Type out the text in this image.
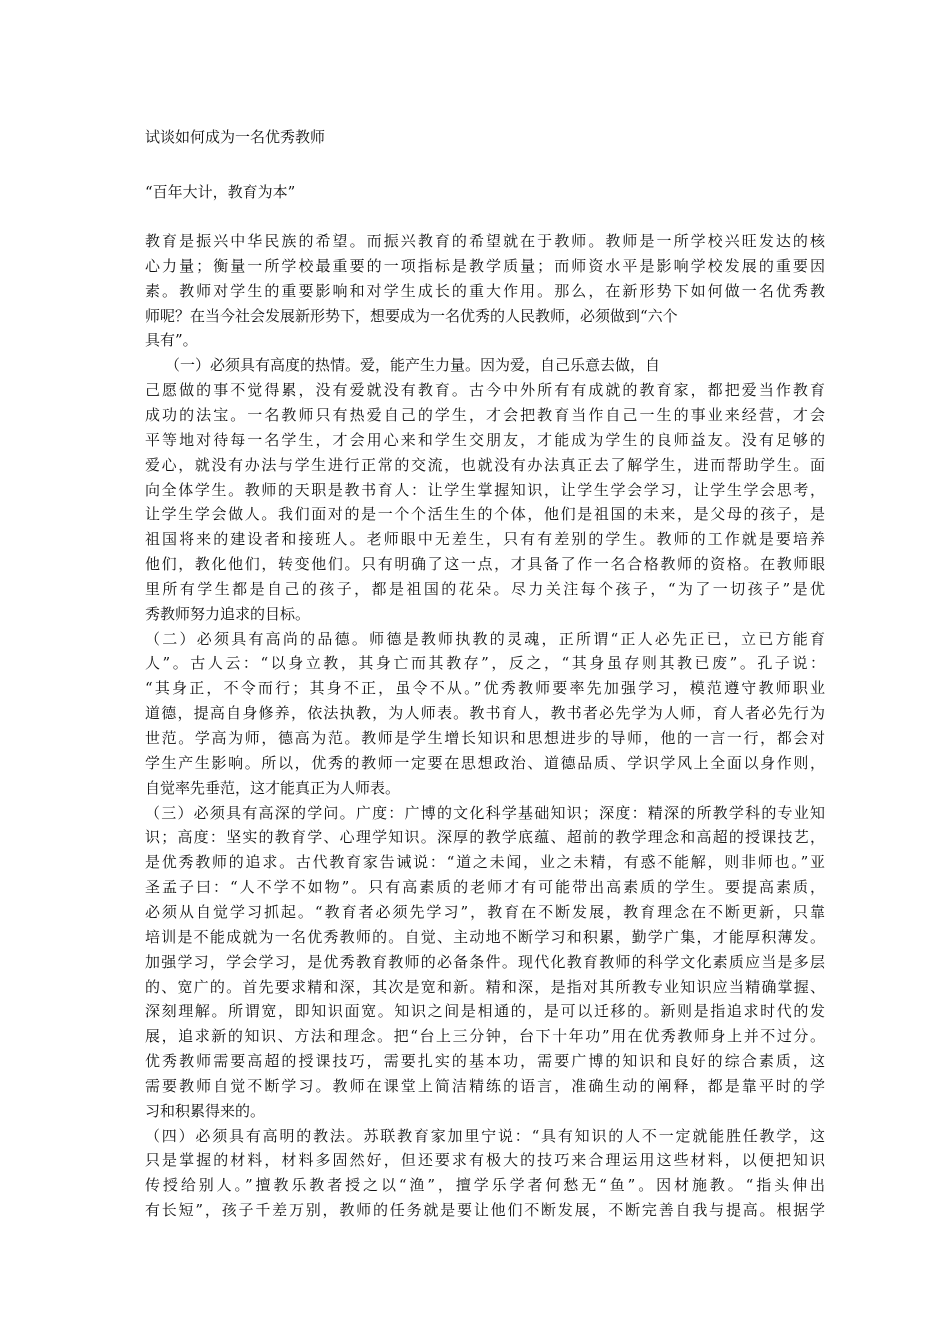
试谈如何成为一名优秀教师
“百年大计，教育为本”
教育是振兴中华民族的希望。而振兴教育的希望就在于教师。教师是一所学校兴旺发达的核
心力量；衡量一所学校最重要的一项指标是教学质量；而师资水平是影响学校发展的重要因
素。教师对学生的重要影响和对学生成长的重大作用。那么，在新形势下如何做一名优秀教
师呢？在当今社会发展新形势下，想要成为一名优秀的人民教师，必须做到“六个
具有”。
（一）必须具有高度的热情。爱，能产生力量。因为爱，自己乐意去做，自
己愿做的事不觉得累，没有爱就没有教育。古今中外所有有成就的教育家，都把爱当作教育
成功的法宝。一名教师只有热爱自己的学生，才会把教育当作自己一生的事业来经营，才会
平等地对待每一名学生，才会用心来和学生交朋友，才能成为学生的良师益友。没有足够的
爱心，就没有办法与学生进行正常的交流，也就没有办法真正去了解学生，进而帮助学生。面
向全体学生。教师的天职是教书育人：让学生掌握知识，让学生学会学习，让学生学会思考，
让学生学会做人。我们面对的是一个个活生生的个体，他们是祖国的未来，是父母的孩子，是
祖国将来的建设者和接班人。老师眼中无差生，只有有差别的学生。教师的工作就是要培养
他们，教化他们，转变他们。只有明确了这一点，才具备了作一名合格教师的资格。在教师眼
里所有学生都是自己的孩子，都是祖国的花朵。尽力关注每个孩子，“为了一切孩子”是优
秀教师努力追求的目标。
（二）必须具有高尚的品德。师德是教师执教的灵魂，正所谓“正人必先正已，立已方能育
人”。古人云：“以身立教，其身亡而其教存”，反之，“其身虽存则其教已废”。孔子说：
“其身正，不令而行；其身不正，虽令不从。”优秀教师要率先加强学习，模范遵守教师职业
道德，提高自身修养，依法执教，为人师表。教书育人，教书者必先学为人师，育人者必先行为
世范。学高为师，德高为范。教师是学生增长知识和思想进步的导师，他的一言一行，都会对
学生产生影响。所以，优秀的教师一定要在思想政治、道德品质、学识学风上全面以身作则，
自觉率先垂范，这才能真正为人师表。
（三）必须具有高深的学问。广度：广博的文化科学基础知识；深度：精深的所教学科的专业知
识；高度：坚实的教育学、心理学知识。深厚的教学底蕴、超前的教学理念和高超的授课技艺，
是优秀教师的追求。古代教育家告诫说：“道之未闻，业之未精，有惑不能解，则非师也。”亚
圣孟子曰：“人不学不如物”。只有高素质的老师才有可能带出高素质的学生。要提高素质，
必须从自觉学习抓起。“教育者必须先学习”，教育在不断发展，教育理念在不断更新，只靠
培训是不能成就为一名优秀教师的。自觉、主动地不断学习和积累，勤学广集，才能厚积薄发。
加强学习，学会学习，是优秀教育教师的必备条件。现代化教育教师的科学文化素质应当是多层
的、宽广的。首先要求精和深，其次是宽和新。精和深，是指对其所教专业知识应当精确掌握、
深刻理解。所谓宽，即知识面宽。知识之间是相通的，是可以迁移的。新则是指追求时代的发
展，追求新的知识、方法和理念。把“台上三分钟，台下十年功”用在优秀教师身上并不过分。
优秀教师需要高超的授课技巧，需要扎实的基本功，需要广博的知识和良好的综合素质，这
需要教师自觉不断学习。教师在课堂上简洁精练的语言，准确生动的阐释，都是靠平时的学
习和积累得来的。
（四）必须具有高明的教法。苏联教育家加里宁说：“具有知识的人不一定就能胜任教学，这
只是掌握的材料，材料多固然好，但还要求有极大的技巧来合理运用这些材料，以便把知识
传授给别人。”擅教乐教者授之以“渔”，擅学乐学者何愁无“鱼”。因材施教。“指头伸出
有长短”，孩子千差万别，教师的任务就是要让他们不断发展，不断完善自我与提高。根据学
